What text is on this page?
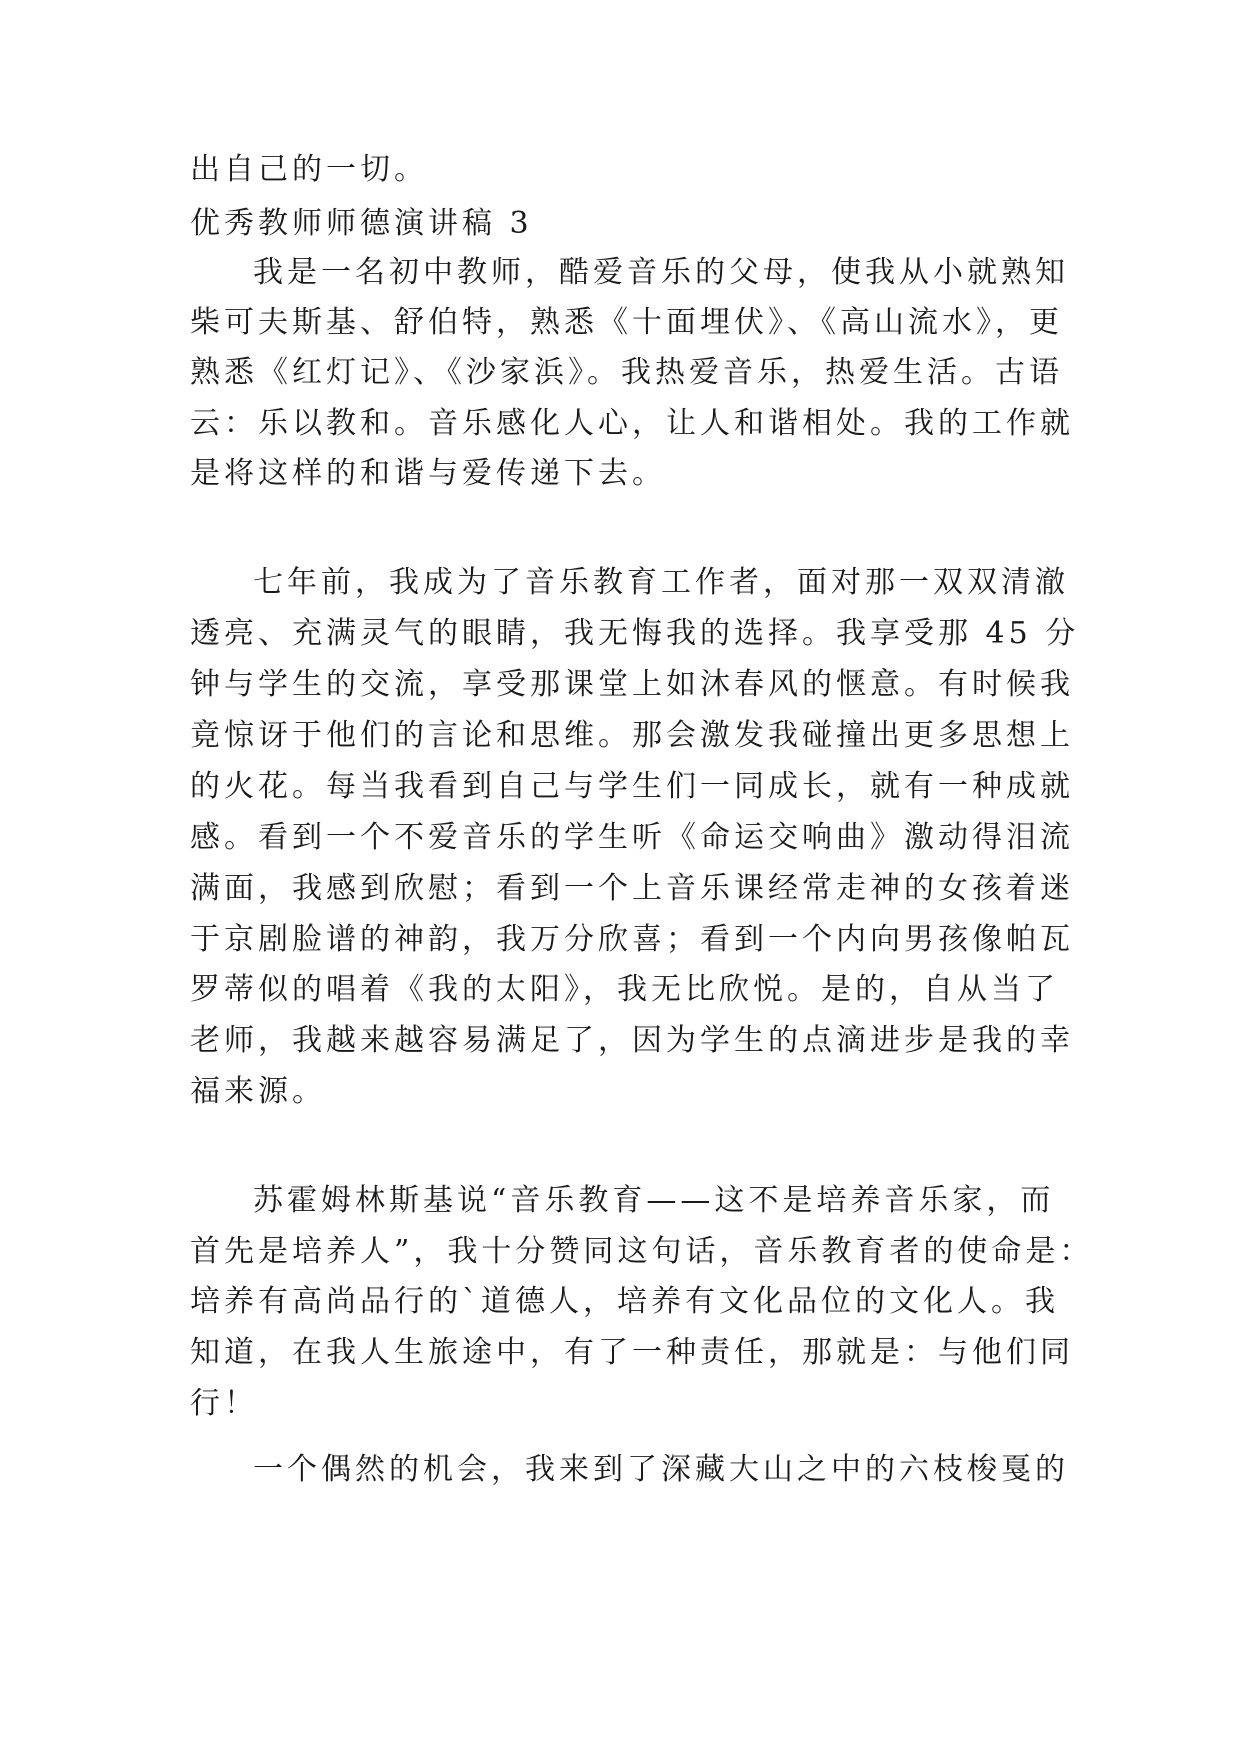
出自己的一切。
优秀教师师德演讲稿 3
我是一名初中教师，酷爱音乐的父母，使我从小就熟知
柴可夫斯基、舒伯特，熟悉《十面埋伏》、《高山流水》，更
熟悉《红灯记》、《沙家浜》。我热爱音乐，热爱生活。古语
云：乐以教和。音乐感化人心，让人和谐相处。我的工作就
是将这样的和谐与爱传递下去。
七年前，我成为了音乐教育工作者，面对那一双双清澈
透亮、充满灵气的眼睛，我无悔我的选择。我享受那 45 分
钟与学生的交流，享受那课堂上如沐春风的惬意。有时候我
竟惊讶于他们的言论和思维。那会激发我碰撞出更多思想上
的火花。每当我看到自己与学生们一同成长，就有一种成就
感。看到一个不爱音乐的学生听《命运交响曲》激动得泪流
满面，我感到欣慰；看到一个上音乐课经常走神的女孩着迷
于京剧脸谱的神韵，我万分欣喜；看到一个内向男孩像帕瓦
罗蒂似的唱着《我的太阳》，我无比欣悦。是的，自从当了
老师，我越来越容易满足了，因为学生的点滴进步是我的幸
福来源。
苏霍姆林斯基说“音乐教育——这不是培养音乐家，而
首先是培养人”，我十分赞同这句话，音乐教育者的使命是：
培养有高尚品行的`道德人，培养有文化品位的文化人。我
知道，在我人生旅途中，有了一种责任，那就是：与他们同
行！
一个偶然的机会，我来到了深藏大山之中的六枝梭戛的
